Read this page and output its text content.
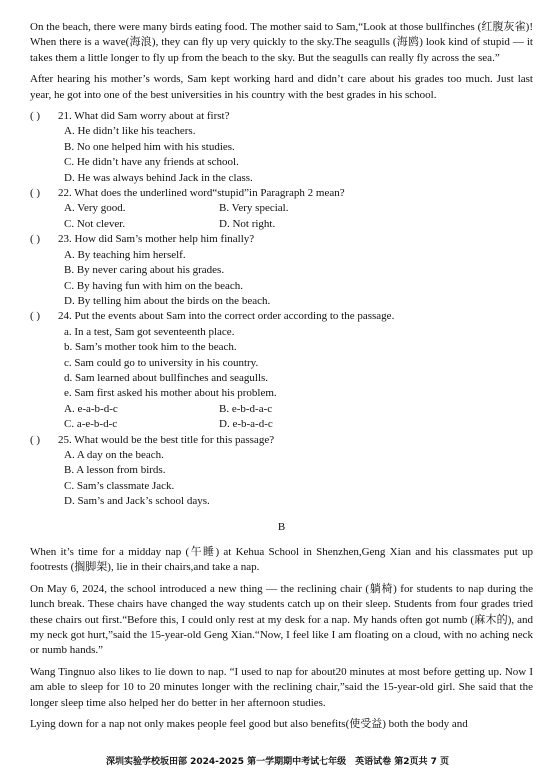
On the beach, there were many birds eating food. The mother said to Sam,“Look at those bullfinches (红腹灰雀)! When there is a wave(海浪), they can fly up very quickly to the sky.The seagulls (海鸥) look kind of stupid — it takes them a little longer to fly up from the beach to the sky. But the seagulls can really fly across the sea.”

After hearing his mother’s words, Sam kept working hard and didn’t care about his grades too much. Just last year, he got into one of the best universities in his country with the best grades in his school.

( )	21. What did Sam worry about at first?
A. He didn’t like his teachers.
B. No one helped him with his studies.
C. He didn’t have any friends at school.
D. He was always behind Jack in the class.
( )	22. What does the underlined word“stupid”in Paragraph 2 mean?
A. Very good.	B. Very special.
C. Not clever.	D. Not right.
( )	23. How did Sam’s mother help him finally?
A. By teaching him herself.
B. By never caring about his grades.
C. By having fun with him on the beach.
D. By telling him about the birds on the beach.
( )	24. Put the events about Sam into the correct order according to the passage.
a. In a test, Sam got seventeenth place.
b. Sam’s mother took him to the beach.
c. Sam could go to university in his country.
d. Sam learned about bullfinches and seagulls.
e. Sam first asked his mother about his problem.
A. e-a-b-d-c	B. e-b-d-a-c
C. a-e-b-d-c	D. e-b-a-d-c
( )	25. What would be the best title for this passage?
A. A day on the beach.
B. A lesson from birds.
C. Sam’s classmate Jack.
D. Sam’s and Jack’s school days.
B

When it’s time for a midday nap (午睡) at Kehua School in Shenzhen,Geng Xian and his classmates put up footrests (搁脚架), lie in their chairs,and take a nap.

On May 6, 2024, the school introduced a new thing — the reclining chair (躺椅) for students to nap during the lunch break. These chairs have changed the way students catch up on their sleep. Students from four grades tried these chairs out first.“Before this, I could only rest at my desk for a nap. My hands often got numb (麻木的), and my neck got hurt,”said the 15-year-old Geng Xian.“Now, I feel like I am floating on a cloud, with no aching neck or numb hands.”

Wang Tingnuo also likes to lie down to nap. “I used to nap for about20 minutes at most before getting up. Now I am able to sleep for 10 to 20 minutes longer with the reclining chair,”said the 15-year-old girl. She said that the longer sleep time also helped her do better in her afternoon studies.

Lying down for a nap not only makes people feel good but also benefits(使受益) both the body and

深圳实验学校坂田部 2024-2025 第一学期期中考试七年级　英语试卷 第2页共 7 页
